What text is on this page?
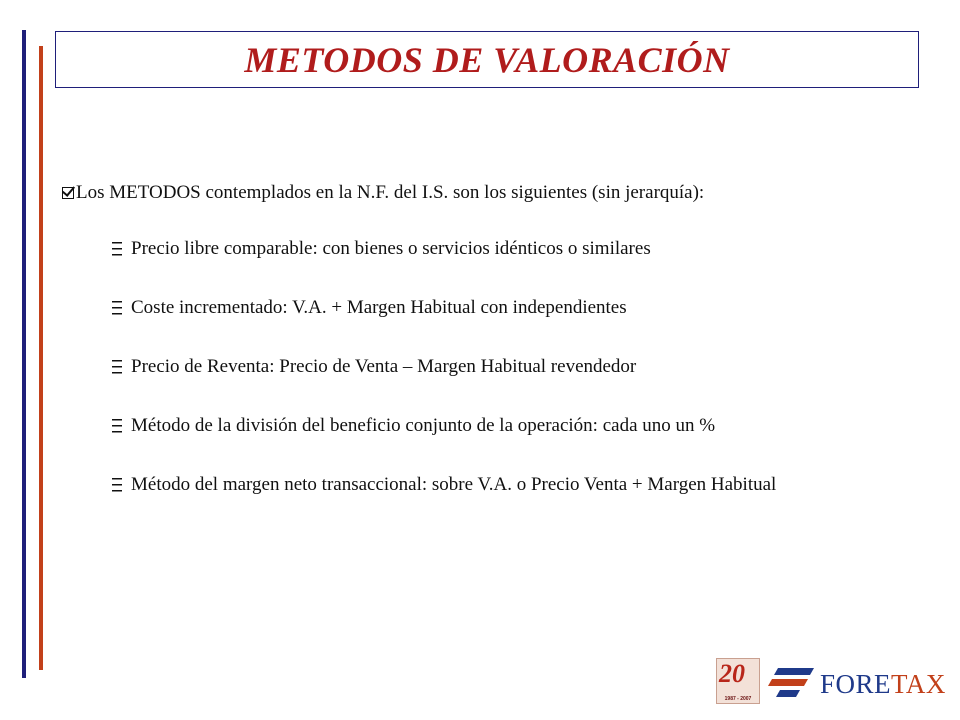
METODOS DE VALORACIÓN
Los METODOS contemplados en la N.F. del I.S. son los siguientes (sin jerarquía):
Precio libre comparable: con bienes o servicios idénticos o similares
Coste incrementado: V.A. + Margen Habitual con independientes
Precio de Reventa: Precio de Venta – Margen Habitual revendedor
Método de la división del beneficio conjunto de la operación: cada uno un %
Método del margen neto transaccional: sobre V.A. o Precio Venta + Margen Habitual
20
1987 - 2007	FORETAX
